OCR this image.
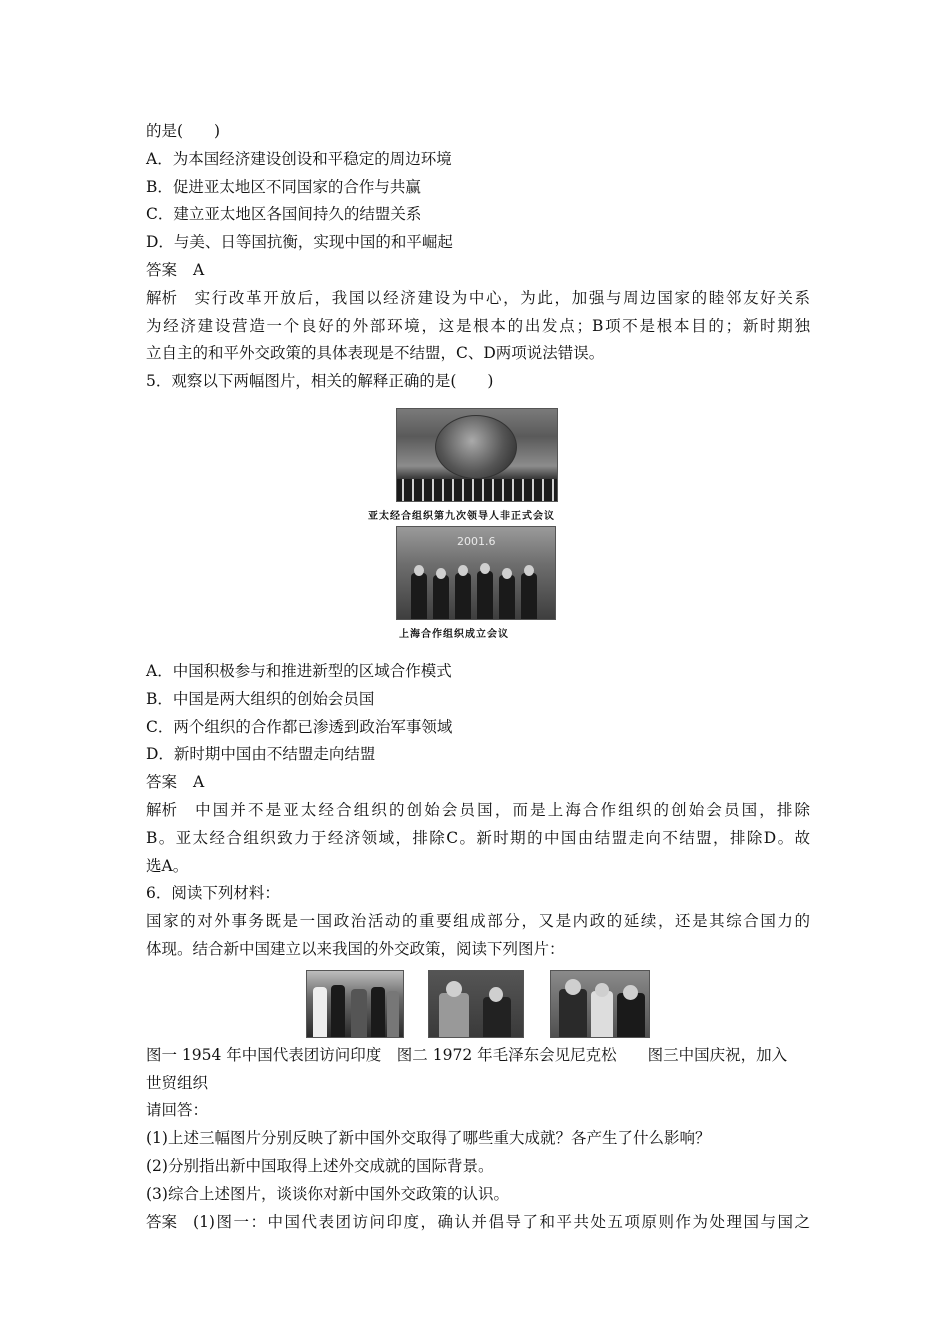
的是(　　)
A．为本国经济建设创设和平稳定的周边环境
B．促进亚太地区不同国家的合作与共赢
C．建立亚太地区各国间持久的结盟关系
D．与美、日等国抗衡，实现中国的和平崛起
答案 A
解析 实行改革开放后，我国以经济建设为中心，为此，加强与周边国家的睦邻友好关系
为经济建设营造一个良好的外部环境，这是根本的出发点；B项不是根本目的；新时期独
立自主的和平外交政策的具体表现是不结盟，C、D两项说法错误。
5．观察以下两幅图片，相关的解释正确的是(　　)
亚太经合组织第九次领导人非正式会议
2001.6
上海合作组织成立会议
A．中国积极参与和推进新型的区域合作模式
B．中国是两大组织的创始会员国
C．两个组织的合作都已渗透到政治军事领域
D．新时期中国由不结盟走向结盟
答案 A
解析 中国并不是亚太经合组织的创始会员国，而是上海合作组织的创始会员国，排除
B。亚太经合组织致力于经济领域，排除C。新时期的中国由结盟走向不结盟，排除D。故
选A。
6．阅读下列材料：
国家的对外事务既是一国政治活动的重要组成部分，又是内政的延续，还是其综合国力的
体现。结合新中国建立以来我国的外交政策，阅读下列图片：
图一 1954 年中国代表团访问印度　图二 1972 年毛泽东会见尼克松　　图三中国庆祝，加入
世贸组织
请回答：
(1)上述三幅图片分别反映了新中国外交取得了哪些重大成就？各产生了什么影响？
(2)分别指出新中国取得上述外交成就的国际背景。
(3)综合上述图片，谈谈你对新中国外交政策的认识。
答案 (1)图一：中国代表团访问印度，确认并倡导了和平共处五项原则作为处理国与国之
